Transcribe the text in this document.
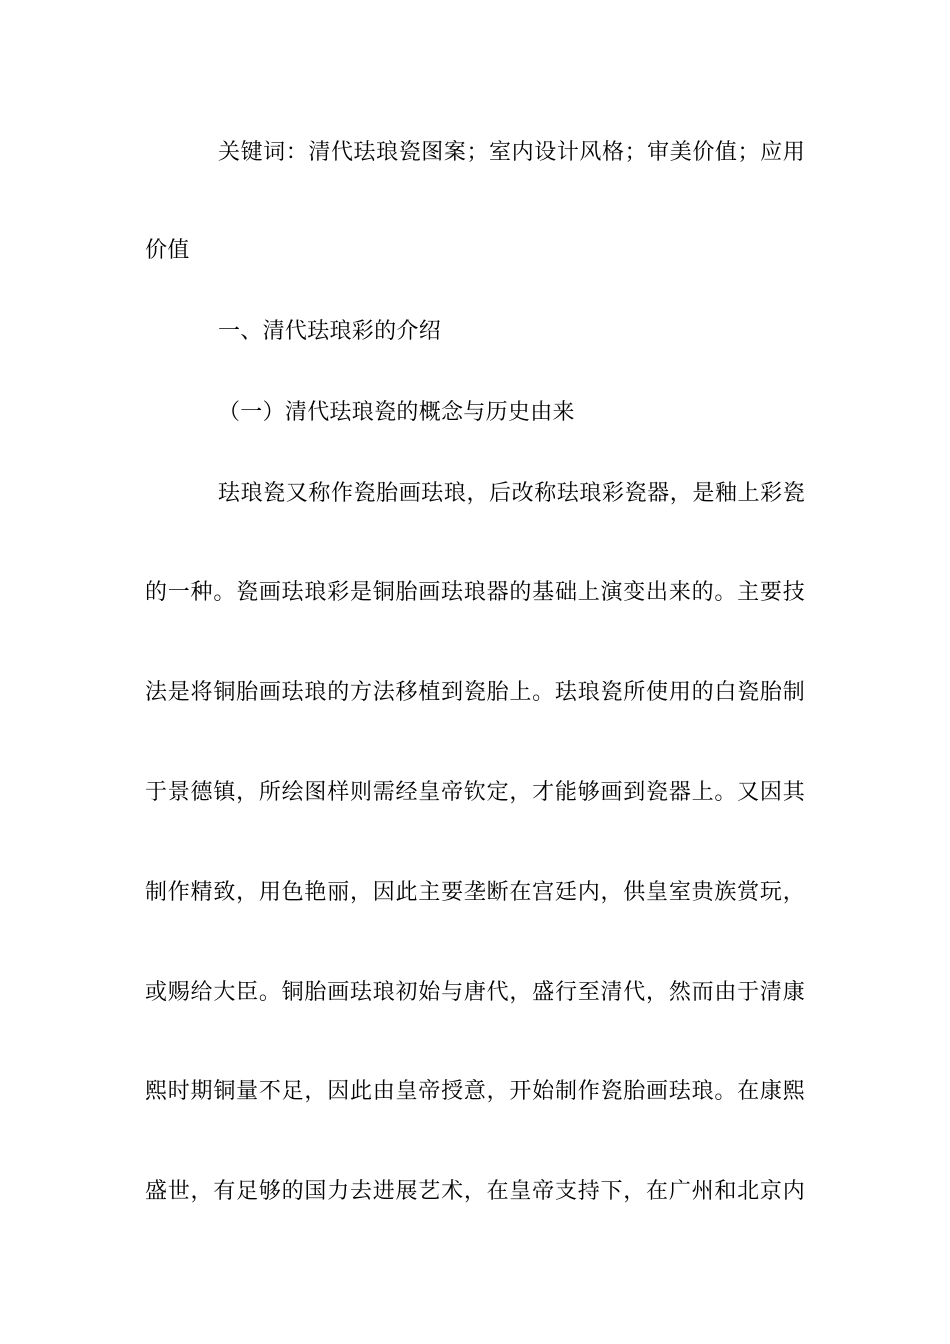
关键词：清代珐琅瓷图案；室内设计风格；审美价值；应用
价值
一、清代珐琅彩的介绍
（一）清代珐琅瓷的概念与历史由来
珐琅瓷又称作瓷胎画珐琅，后改称珐琅彩瓷器，是釉上彩瓷
的一种。瓷画珐琅彩是铜胎画珐琅器的基础上演变出来的。主要技
法是将铜胎画珐琅的方法移植到瓷胎上。珐琅瓷所使用的白瓷胎制
于景德镇，所绘图样则需经皇帝钦定，才能够画到瓷器上。又因其
制作精致，用色艳丽，因此主要垄断在宫廷内，供皇室贵族赏玩，
或赐给大臣。铜胎画珐琅初始与唐代，盛行至清代，然而由于清康
熙时期铜量不足，因此由皇帝授意，开始制作瓷胎画珐琅。在康熙
盛世，有足够的国力去进展艺术，在皇帝支持下，在广州和北京内
